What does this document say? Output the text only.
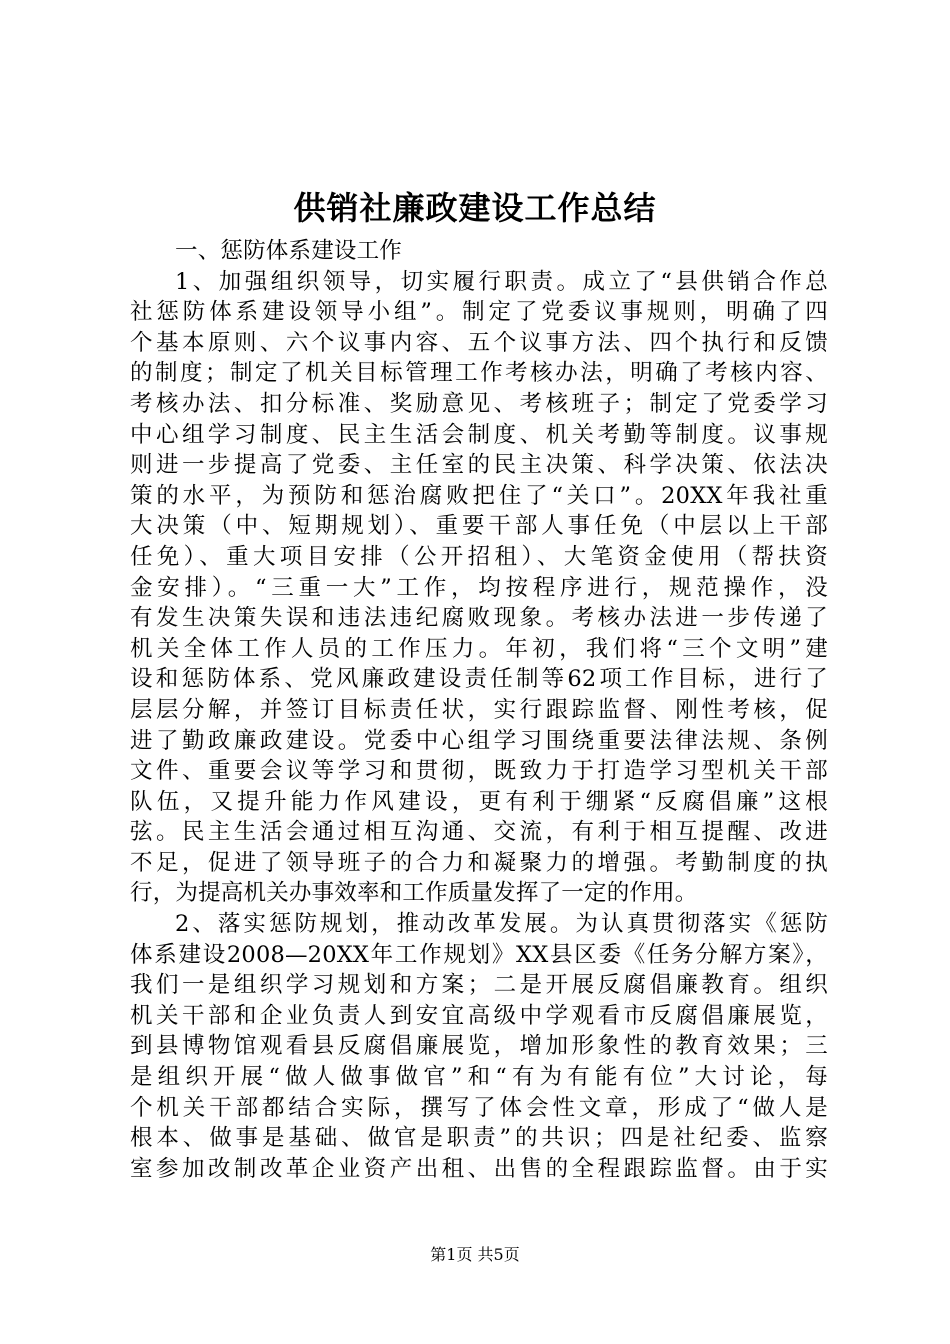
供销社廉政建设工作总结
一、惩防体系建设工作
1、加强组织领导，切实履行职责。成立了“县供销合作总
社惩防体系建设领导小组”。制定了党委议事规则，明确了四
个基本原则、六个议事内容、五个议事方法、四个执行和反馈
的制度；制定了机关目标管理工作考核办法，明确了考核内容、
考核办法、扣分标准、奖励意见、考核班子；制定了党委学习
中心组学习制度、民主生活会制度、机关考勤等制度。议事规
则进一步提高了党委、主任室的民主决策、科学决策、依法决
策的水平，为预防和惩治腐败把住了“关口”。20XX年我社重
大决策（中、短期规划）、重要干部人事任免（中层以上干部
任免）、重大项目安排（公开招租）、大笔资金使用（帮扶资
金安排）。“三重一大”工作，均按程序进行，规范操作，没
有发生决策失误和违法违纪腐败现象。考核办法进一步传递了
机关全体工作人员的工作压力。年初，我们将“三个文明”建
设和惩防体系、党风廉政建设责任制等62项工作目标，进行了
层层分解，并签订目标责任状，实行跟踪监督、刚性考核，促
进了勤政廉政建设。党委中心组学习围绕重要法律法规、条例
文件、重要会议等学习和贯彻，既致力于打造学习型机关干部
队伍，又提升能力作风建设，更有利于绷紧“反腐倡廉”这根
弦。民主生活会通过相互沟通、交流，有利于相互提醒、改进
不足，促进了领导班子的合力和凝聚力的增强。考勤制度的执
行，为提高机关办事效率和工作质量发挥了一定的作用。
2、落实惩防规划，推动改革发展。为认真贯彻落实《惩防
体系建设2008—20XX年工作规划》XX县区委《任务分解方案》，
我们一是组织学习规划和方案；二是开展反腐倡廉教育。组织
机关干部和企业负责人到安宜高级中学观看市反腐倡廉展览，
到县博物馆观看县反腐倡廉展览，增加形象性的教育效果；三
是组织开展“做人做事做官”和“有为有能有位”大讨论，每
个机关干部都结合实际，撰写了体会性文章，形成了“做人是
根本、做事是基础、做官是职责”的共识；四是社纪委、监察
室参加改制改革企业资产出租、出售的全程跟踪监督。由于实
第1页 共5页
